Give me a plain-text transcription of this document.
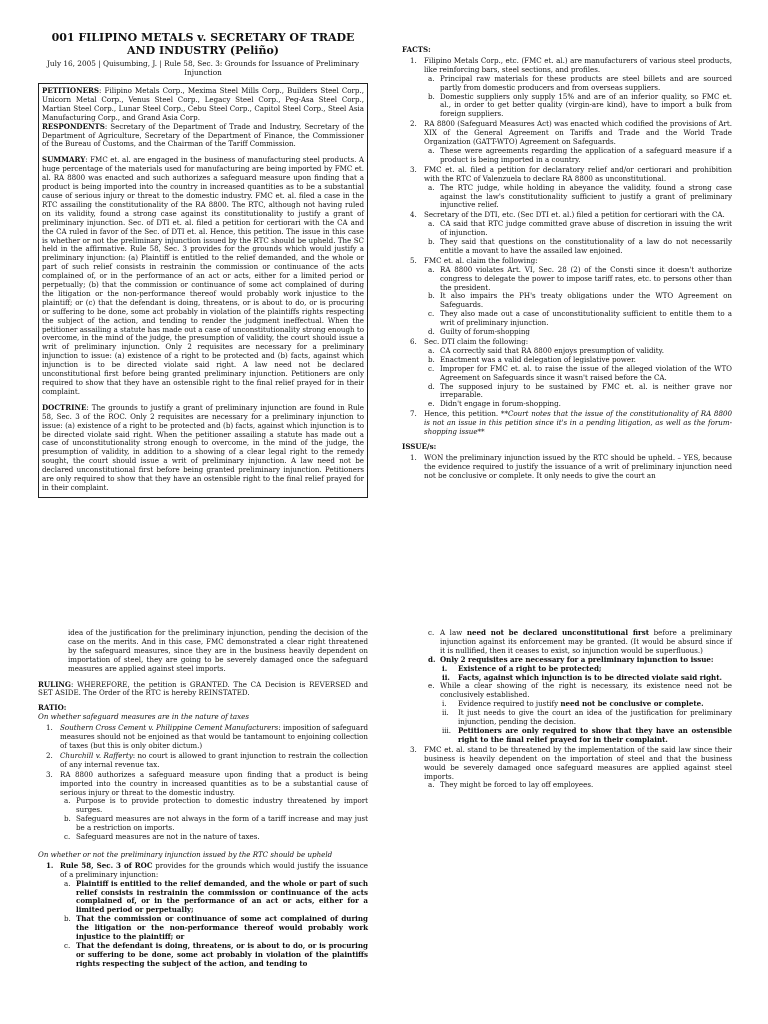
001 FILIPINO METALS v. SECRETARY OF TRADE AND INDUSTRY (Peliño)
July 16, 2005 | Quisumbing, J. | Rule 58, Sec. 3: Grounds for Issuance of Preliminary Injunction

PETITIONERS: Filipino Metals Corp., Mexima Steel Mills Corp., Builders Steel Corp., Unicorn Metal Corp., Venus Steel Corp., Legacy Steel Corp., Peg-Asa Steel Corp., Martian Steel Corp., Lunar Steel Corp., Cebu Steel Corp., Capitol Steel Corp., Steel Asia Manufacturing Corp., and Grand Asia Corp.
RESPONDENTS: Secretary of the Department of Trade and Industry, Secretary of the Department of Agriculture, Secretary of the Department of Finance, the Commissioner of the Bureau of Customs, and the Chairman of the Tariff Commission.

SUMMARY: FMC et. al. are engaged in the business of manufacturing steel products. A huge percentage of the materials used for manufacturing are being imported by FMC et. al. RA 8800 was enacted and such authorizes a safeguard measure upon finding that a product is being imported into the country in increased quantities as to be a substantial cause of serious injury or threat to the domestic industry. FMC et. al. filed a case in the RTC assailing the constitutionality of the RA 8800. The RTC, although not having ruled on its validity, found a strong case against its constitutionality to justify a grant of preliminary injunction. Sec. of DTI et. al. filed a petition for certiorari with the CA and the CA ruled in favor of the Sec. of DTI et. al. Hence, this petition. The issue in this case is whether or not the preliminary injunction issued by the RTC should be upheld. The SC held in the affirmative. Rule 58, Sec. 3 provides for the grounds which would justify a preliminary injunction: (a) Plaintiff is entitled to the relief demanded, and the whole or part of such relief consists in restrainin the commission or continuance of the acts complained of, or in the performance of an act or acts, either for a limited period or perpetually; (b) that the commission or continuance of some act complained of during the litigation or the non-performance thereof would probably work injustice to the plaintiff; or (c) that the defendant is doing, threatens, or is about to do, or is procuring or suffering to be done, some act probably in violation of the plaintiffs rights respecting the subject of the action, and tending to render the judgment ineffectual. When the petitioner assailing a statute has made out a case of unconstitutionality strong enough to overcome, in the mind of the judge, the presumption of validity, the court should issue a writ of preliminary injunction. Only 2 requisites are necessary for a preliminary injunction to issue: (a) existence of a right to be protected and (b) facts, against which injunction is to be directed violate said right. A law need not be declared unconstitutional first before being granted preliminary injunction. Petitioners are only required to show that they have an ostensible right to the final relief prayed for in their complaint.

DOCTRINE: The grounds to justify a grant of preliminary injunction are found in Rule 58, Sec. 3 of the ROC. Only 2 requisites are necessary for a preliminary injunction to issue: (a) existence of a right to be protected and (b) facts, against which injunction is to be directed violate said right. When the petitioner assailing a statute has made out a case of unconstitutionality strong enough to overcome, in the mind of the judge, the presumption of validity, in addition to a showing of a clear legal right to the remedy sought, the court should issue a writ of preliminary injunction. A law need not be declared unconstitutional first before being granted preliminary injunction. Petitioners are only required to show that they have an ostensible right to the final relief prayed for in their complaint.

FACTS:
1. Filipino Metals Corp., etc. (FMC et. al.) are manufacturers of various steel products, like reinforcing bars, steel sections, and profiles.
a. Principal raw materials for these products are steel billets and are sourced partly from domestic producers and from overseas suppliers.
b. Domestic suppliers only supply 15% and are of an inferior quality, so FMC et. al., in order to get better quality (virgin-are kind), have to import a bulk from foreign suppliers.
2. RA 8800 (Safeguard Measures Act) was enacted which codified the provisions of Art. XIX of the General Agreement on Tariffs and Trade and the World Trade Organization (GATT-WTO) Agreement on Safeguards.
a. These were agreements regarding the application of a safeguard measure if a product is being imported in a country.
3. FMC et. al. filed a petition for declaratory relief and/or certiorari and prohibition with the RTC of Valenzuela to declare RA 8800 as unconstitutional.
a. The RTC judge, while holding in abeyance the validity, found a strong case against the law's constitutionality sufficient to justify a grant of preliminary injunctive relief.
4. Secretary of the DTI, etc. (Sec DTI et. al.) filed a petition for certiorari with the CA.
a. CA said that RTC judge committed grave abuse of discretion in issuing the writ of injunction.
b. They said that questions on the constitutionality of a law do not necessarily entitle a movant to have the assailed law enjoined.
5. FMC et. al. claim the following:
a. RA 8800 violates Art. VI, Sec. 28 (2) of the Consti since it doesn't authorize congress to delegate the power to impose tariff rates, etc. to persons other than the president.
b. It also impairs the PH's treaty obligations under the WTO Agreement on Safeguards.
c. They also made out a case of unconstitutionality sufficient to entitle them to a writ of preliminary injunction.
d. Guilty of forum-shopping
6. Sec. DTI claim the following:
a. CA correctly said that RA 8800 enjoys presumption of validity.
b. Enactment was a valid delegation of legislative power.
c. Improper for FMC et. al. to raise the issue of the alleged violation of the WTO Agreement on Safeguards since it wasn't raised before the CA.
d. The supposed injury to be sustained by FMC et. al. is neither grave nor irreparable.
e. Didn't engage in forum-shopping.
7. Hence, this petition. **Court notes that the issue of the constitutionality of RA 8800 is not an issue in this petition since it's in a pending litigation, as well as the forum-shopping issue**
ISSUE/s:
1. WON the preliminary injunction issued by the RTC should be upheld. – YES, because the evidence required to justify the issuance of a writ of preliminary injunction need not be conclusive or complete. It only needs to give the court an

idea of the justification for the preliminary injunction, pending the decision of the case on the merits. And in this case, FMC demonstrated a clear right threatened by the safeguard measures, since they are in the business heavily dependent on importation of steel, they are going to be severely damaged once the safeguard measures are applied against steel imports.

RULING: WHEREFORE, the petition is GRANTED. The CA Decision is REVERSED and SET ASIDE. The Order of the RTC is hereby REINSTATED.

RATIO:
On whether safeguard measures are in the nature of taxes
1. Southern Cross Cement v. Philippine Cement Manufacturers: imposition of safeguard measures should not be enjoined as that would be tantamount to enjoining collection of taxes (but this is only obiter dictum.)
2. Churchill v. Rafferty: no court is allowed to grant injunction to restrain the collection of any internal revenue tax.
3. RA 8800 authorizes a safeguard measure upon finding that a product is being imported into the country in increased quantities as to be a substantial cause of serious injury or threat to the domestic industry.
a. Purpose is to provide protection to domestic industry threatened by import surges.
b. Safeguard measures are not always in the form of a tariff increase and may just be a restriction on imports.
c. Safeguard measures are not in the nature of taxes.
On whether or not the preliminary injunction issued by the RTC should be upheld
1. Rule 58, Sec. 3 of ROC provides for the grounds which would justify the issuance of a preliminary injunction:
a. Plaintiff is entitled to the relief demanded, and the whole or part of such relief consists in restrainin the commission or continuance of the acts complained of, or in the performance of an act or acts, either for a limited period or perpetually;
b. That the commission or continuance of some act complained of during the litigation or the non-performance thereof would probably work injustice to the plaintiff; or
c. That the defendant is doing, threatens, or is about to do, or is procuring or suffering to be done, some act probably in violation of the plaintiffs rights respecting the subject of the action, and tending to
c. A law need not be declared unconstitutional first before a preliminary injunction against its enforcement may be granted. (It would be absurd since if it is nullified, then it ceases to exist, so injunction would be superfluous.)
d. Only 2 requisites are necessary for a preliminary injunction to issue:
i. Existence of a right to be protected;
ii. Facts, against which injunction is to be directed violate said right.
e. While a clear showing of the right is necessary, its existence need not be conclusively established.
i. Evidence required to justify need not be conclusive or complete.
ii. It just needs to give the court an idea of the justification for preliminary injunction, pending the decision.
iii. Petitioners are only required to show that they have an ostensible right to the final relief prayed for in their complaint.
3. FMC et. al. stand to be threatened by the implementation of the said law since their business is heavily dependent on the importation of steel and that the business would be severely damaged once safeguard measures are applied against steel imports.
a. They might be forced to lay off employees.
